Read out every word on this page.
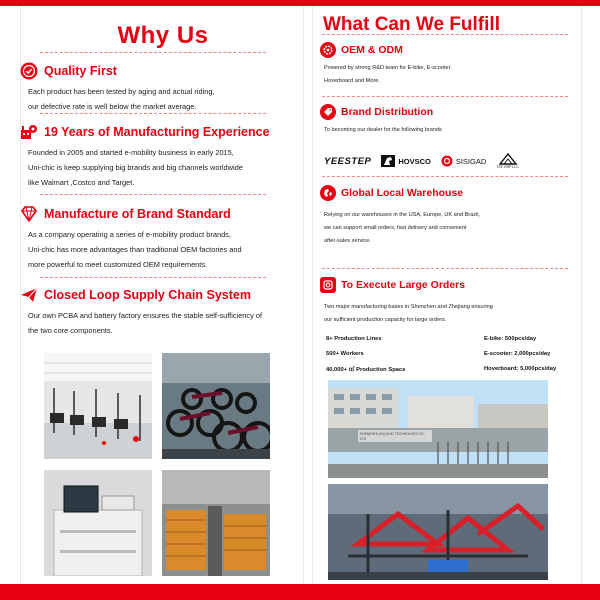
Why Us
Quality First

Each product has been tested by aging and actual riding,
our defective rate is well below the market average.

19 Years of Manufacturing Experience

Founded in 2005 and started e-mobility business in early 2015,
Uni-chic is keep supplying big brands and big channels worldwide
like Walmart ,Costco and Target.

Manufacture of Brand Standard

As a company operating a series of e-mobility product brands,
Uni-chic has more advantages than traditional OEM factories and
more powerful to meet customized OEM requirements.

Closed Loop Supply Chain System

Our own PCBA and battery factory ensures the stable self-sufficiency of
the two core components.

What Can We Fulfill
OEM & ODM

Powered by strong R&D team for E-bike, E-scooter,
Hoverboard and More.

Brand Distribution

To becoming our dealer for the following brands

YEESTEP	HOVSCO	SISIGAD
TSF GRP LLC
Global Local Warehouse

Relying on our warehouses in the USA, Europe, UK and Brazil,
we can support small orders, fast delivery and convenient
after-sales service.

To Execute Large Orders

Two major manufacturing bases in Shenzhen and Zhejiang ensuring
our sufficient production capacity for large orders.

8+ Production Lines	E-bike: 500pcs/day
500+ Workers	E-scooter: 2,000pcs/day
40,000+ ㎡ Production Space	Hoverboard: 5,000pcs/day
SHENZHEN UNI-CHIC TECHNOLOGY CO., LTD
